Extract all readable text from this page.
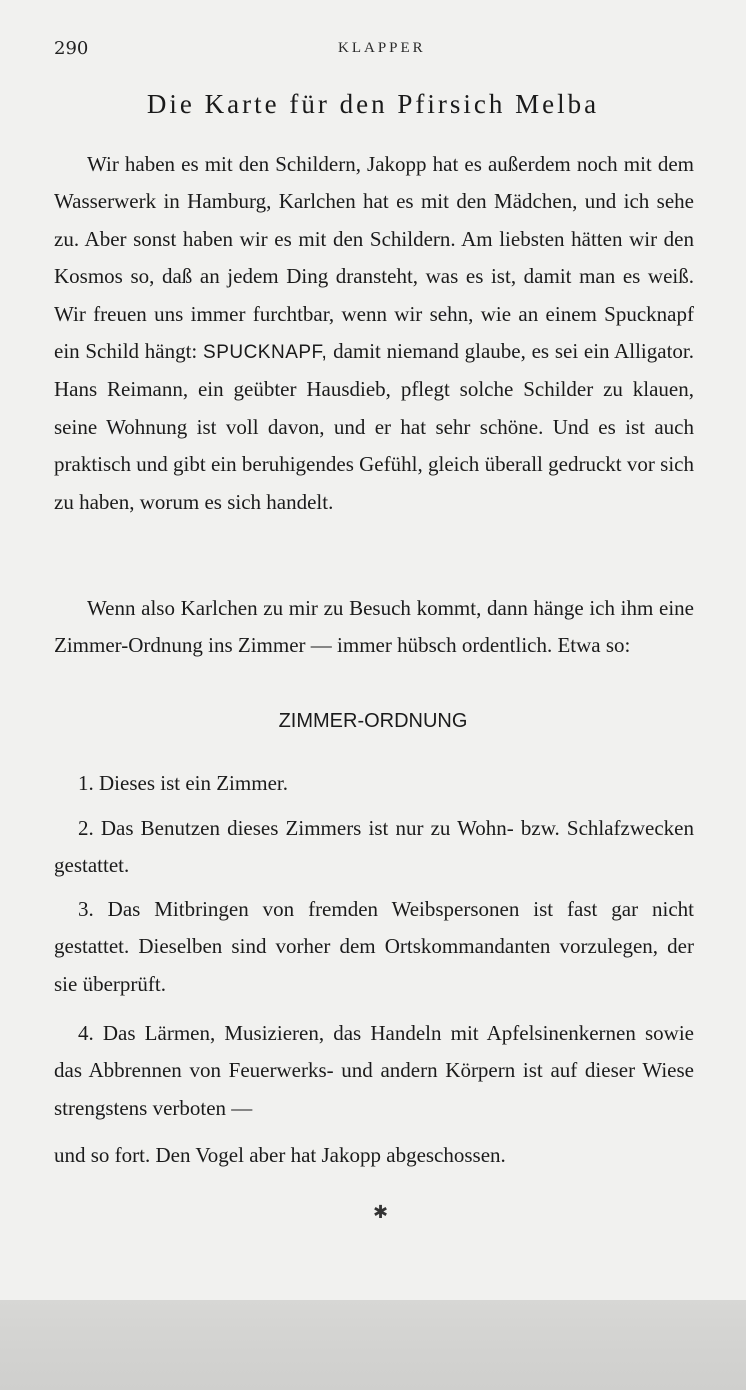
290	KLAPPER
Die Karte für den Pfirsich Melba
Wir haben es mit den Schildern, Jakopp hat es außerdem noch mit dem Wasserwerk in Hamburg, Karlchen hat es mit den Mädchen, und ich sehe zu. Aber sonst haben wir es mit den Schildern. Am liebsten hätten wir den Kosmos so, daß an jedem Ding dransteht, was es ist, damit man es weiß. Wir freuen uns immer furchtbar, wenn wir sehn, wie an einem Spucknapf ein Schild hängt: SPUCKNAPF, damit niemand glaube, es sei ein Alligator. Hans Reimann, ein geübter Hausdieb, pflegt solche Schilder zu klauen, seine Wohnung ist voll davon, und er hat sehr schöne. Und es ist auch praktisch und gibt ein beruhigendes Gefühl, gleich überall gedruckt vor sich zu haben, worum es sich handelt.
Wenn also Karlchen zu mir zu Besuch kommt, dann hänge ich ihm eine Zimmer-Ordnung ins Zimmer — immer hübsch ordentlich. Etwa so:
ZIMMER-ORDNUNG
1. Dieses ist ein Zimmer.
2. Das Benutzen dieses Zimmers ist nur zu Wohn- bzw. Schlafzwecken gestattet.
3. Das Mitbringen von fremden Weibspersonen ist fast gar nicht gestattet. Dieselben sind vorher dem Ortskommandanten vorzulegen, der sie überprüft.
4. Das Lärmen, Musizieren, das Handeln mit Apfelsinenkernen sowie das Abbrennen von Feuerwerks- und andern Körpern ist auf dieser Wiese strengstens verboten —
und so fort. Den Vogel aber hat Jakopp abgeschossen.
✱
